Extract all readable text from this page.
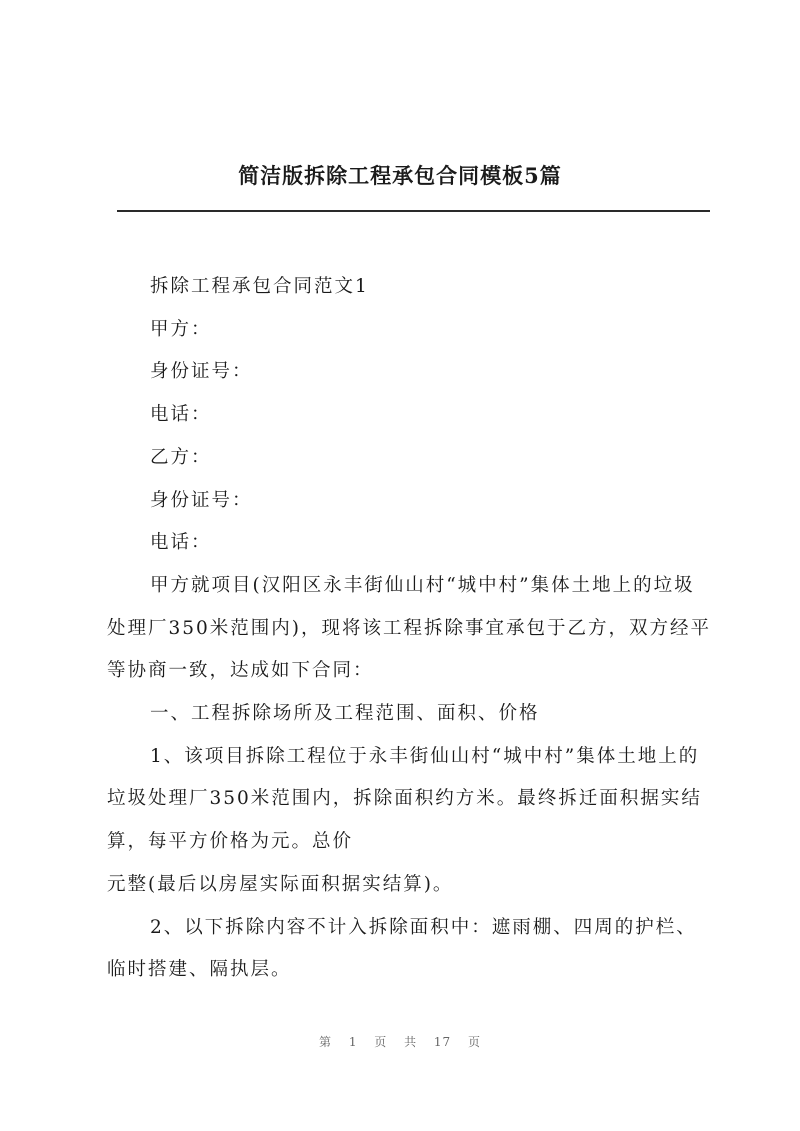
简洁版拆除工程承包合同模板5篇

拆除工程承包合同范文1

甲方：

身份证号：

电话：

乙方：

身份证号：

电话：

甲方就项目(汉阳区永丰街仙山村“城中村”集体土地上的垃圾处理厂350米范围内)，现将该工程拆除事宜承包于乙方，双方经平等协商一致，达成如下合同：

一、工程拆除场所及工程范围、面积、价格

1、该项目拆除工程位于永丰街仙山村“城中村”集体土地上的垃圾处理厂350米范围内，拆除面积约方米。最终拆迁面积据实结算，每平方价格为元。总价

元整(最后以房屋实际面积据实结算)。

2、以下拆除内容不计入拆除面积中：遮雨棚、四周的护栏、临时搭建、隔执层。

第 1 页 共 17 页
